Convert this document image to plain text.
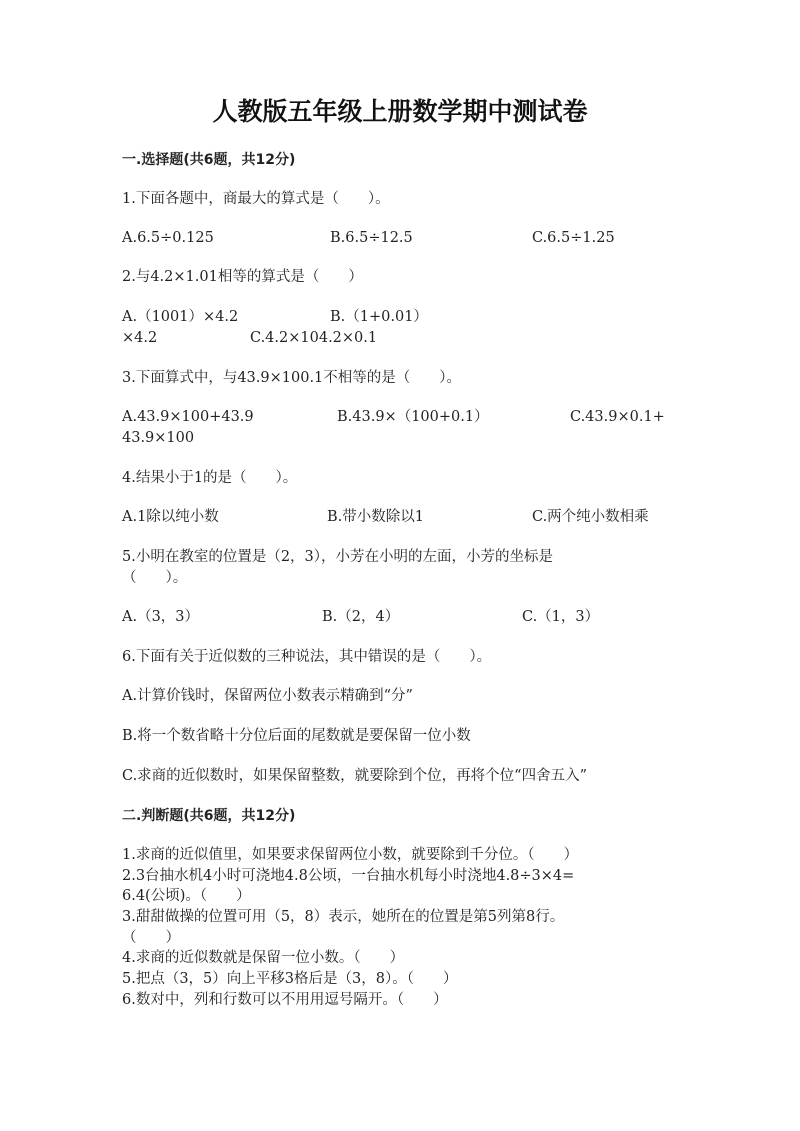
人教版五年级上册数学期中测试卷
一.选择题(共6题，共12分)
1.下面各题中，商最大的算式是（　　）。
A.6.5÷0.125	B.6.5÷12.5	C.6.5÷1.25
2.与4.2×1.01相等的算式是（　　）
A.（1001）×4.2	B.（1+0.01）
×4.2	C.4.2×104.2×0.1
3.下面算式中，与43.9×100.1不相等的是（　　）。
A.43.9×100+43.9	B.43.9×（100+0.1）	C.43.9×0.1+
43.9×100
4.结果小于1的是（　　）。
A.1除以纯小数	B.带小数除以1	C.两个纯小数相乘
5.小明在教室的位置是（2，3），小芳在小明的左面，小芳的坐标是
（　　）。
A.（3，3）	B.（2，4）	C.（1，3）
6.下面有关于近似数的三种说法，其中错误的是（　　）。
A.计算价钱时，保留两位小数表示精确到“分”
B.将一个数省略十分位后面的尾数就是要保留一位小数
C.求商的近似数时，如果保留整数，就要除到个位，再将个位“四舍五入”
二.判断题(共6题，共12分)
1.求商的近似值里，如果要求保留两位小数，就要除到千分位。（　　）
2.3台抽水机4小时可浇地4.8公顷，一台抽水机每小时浇地4.8÷3×4=
6.4(公顷)。（　　）
3.甜甜做操的位置可用（5，8）表示，她所在的位置是第5列第8行。
（　　）
4.求商的近似数就是保留一位小数。（　　）
5.把点（3，5）向上平移3格后是（3，8）。（　　）
6.数对中，列和行数可以不用用逗号隔开。（　　）
